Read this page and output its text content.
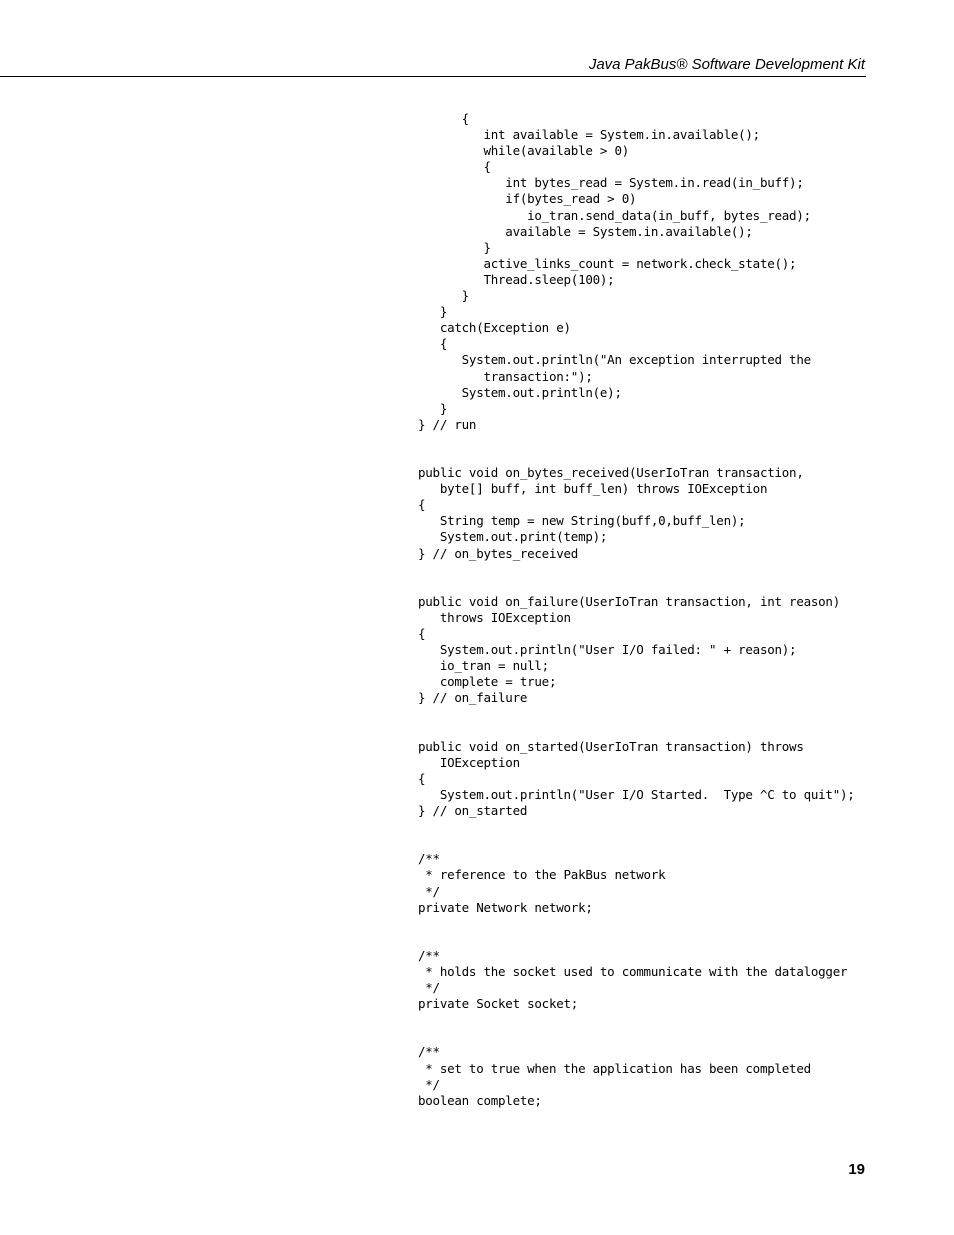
Java PakBus® Software Development Kit
{
int available = System.in.available();
while(available > 0)
{
int bytes_read = System.in.read(in_buff);
if(bytes_read > 0)
io_tran.send_data(in_buff, bytes_read);
available = System.in.available();
}
active_links_count = network.check_state();
Thread.sleep(100);
}
}
catch(Exception e)
{
System.out.println("An exception interrupted the
transaction:");
System.out.println(e);
}
} // run

public void on_bytes_received(UserIoTran transaction,
byte[] buff, int buff_len) throws IOException
{
String temp = new String(buff,0,buff_len);
System.out.print(temp);
} // on_bytes_received

public void on_failure(UserIoTran transaction, int reason)
throws IOException
{
System.out.println("User I/O failed: " + reason);
io_tran = null;
complete = true;
} // on_failure

public void on_started(UserIoTran transaction) throws
IOException
{
System.out.println("User I/O Started.  Type ^C to quit");
} // on_started

/**
* reference to the PakBus network
*/
private Network network;

/**
* holds the socket used to communicate with the datalogger
*/
private Socket socket;

/**
* set to true when the application has been completed
*/
boolean complete;
19
